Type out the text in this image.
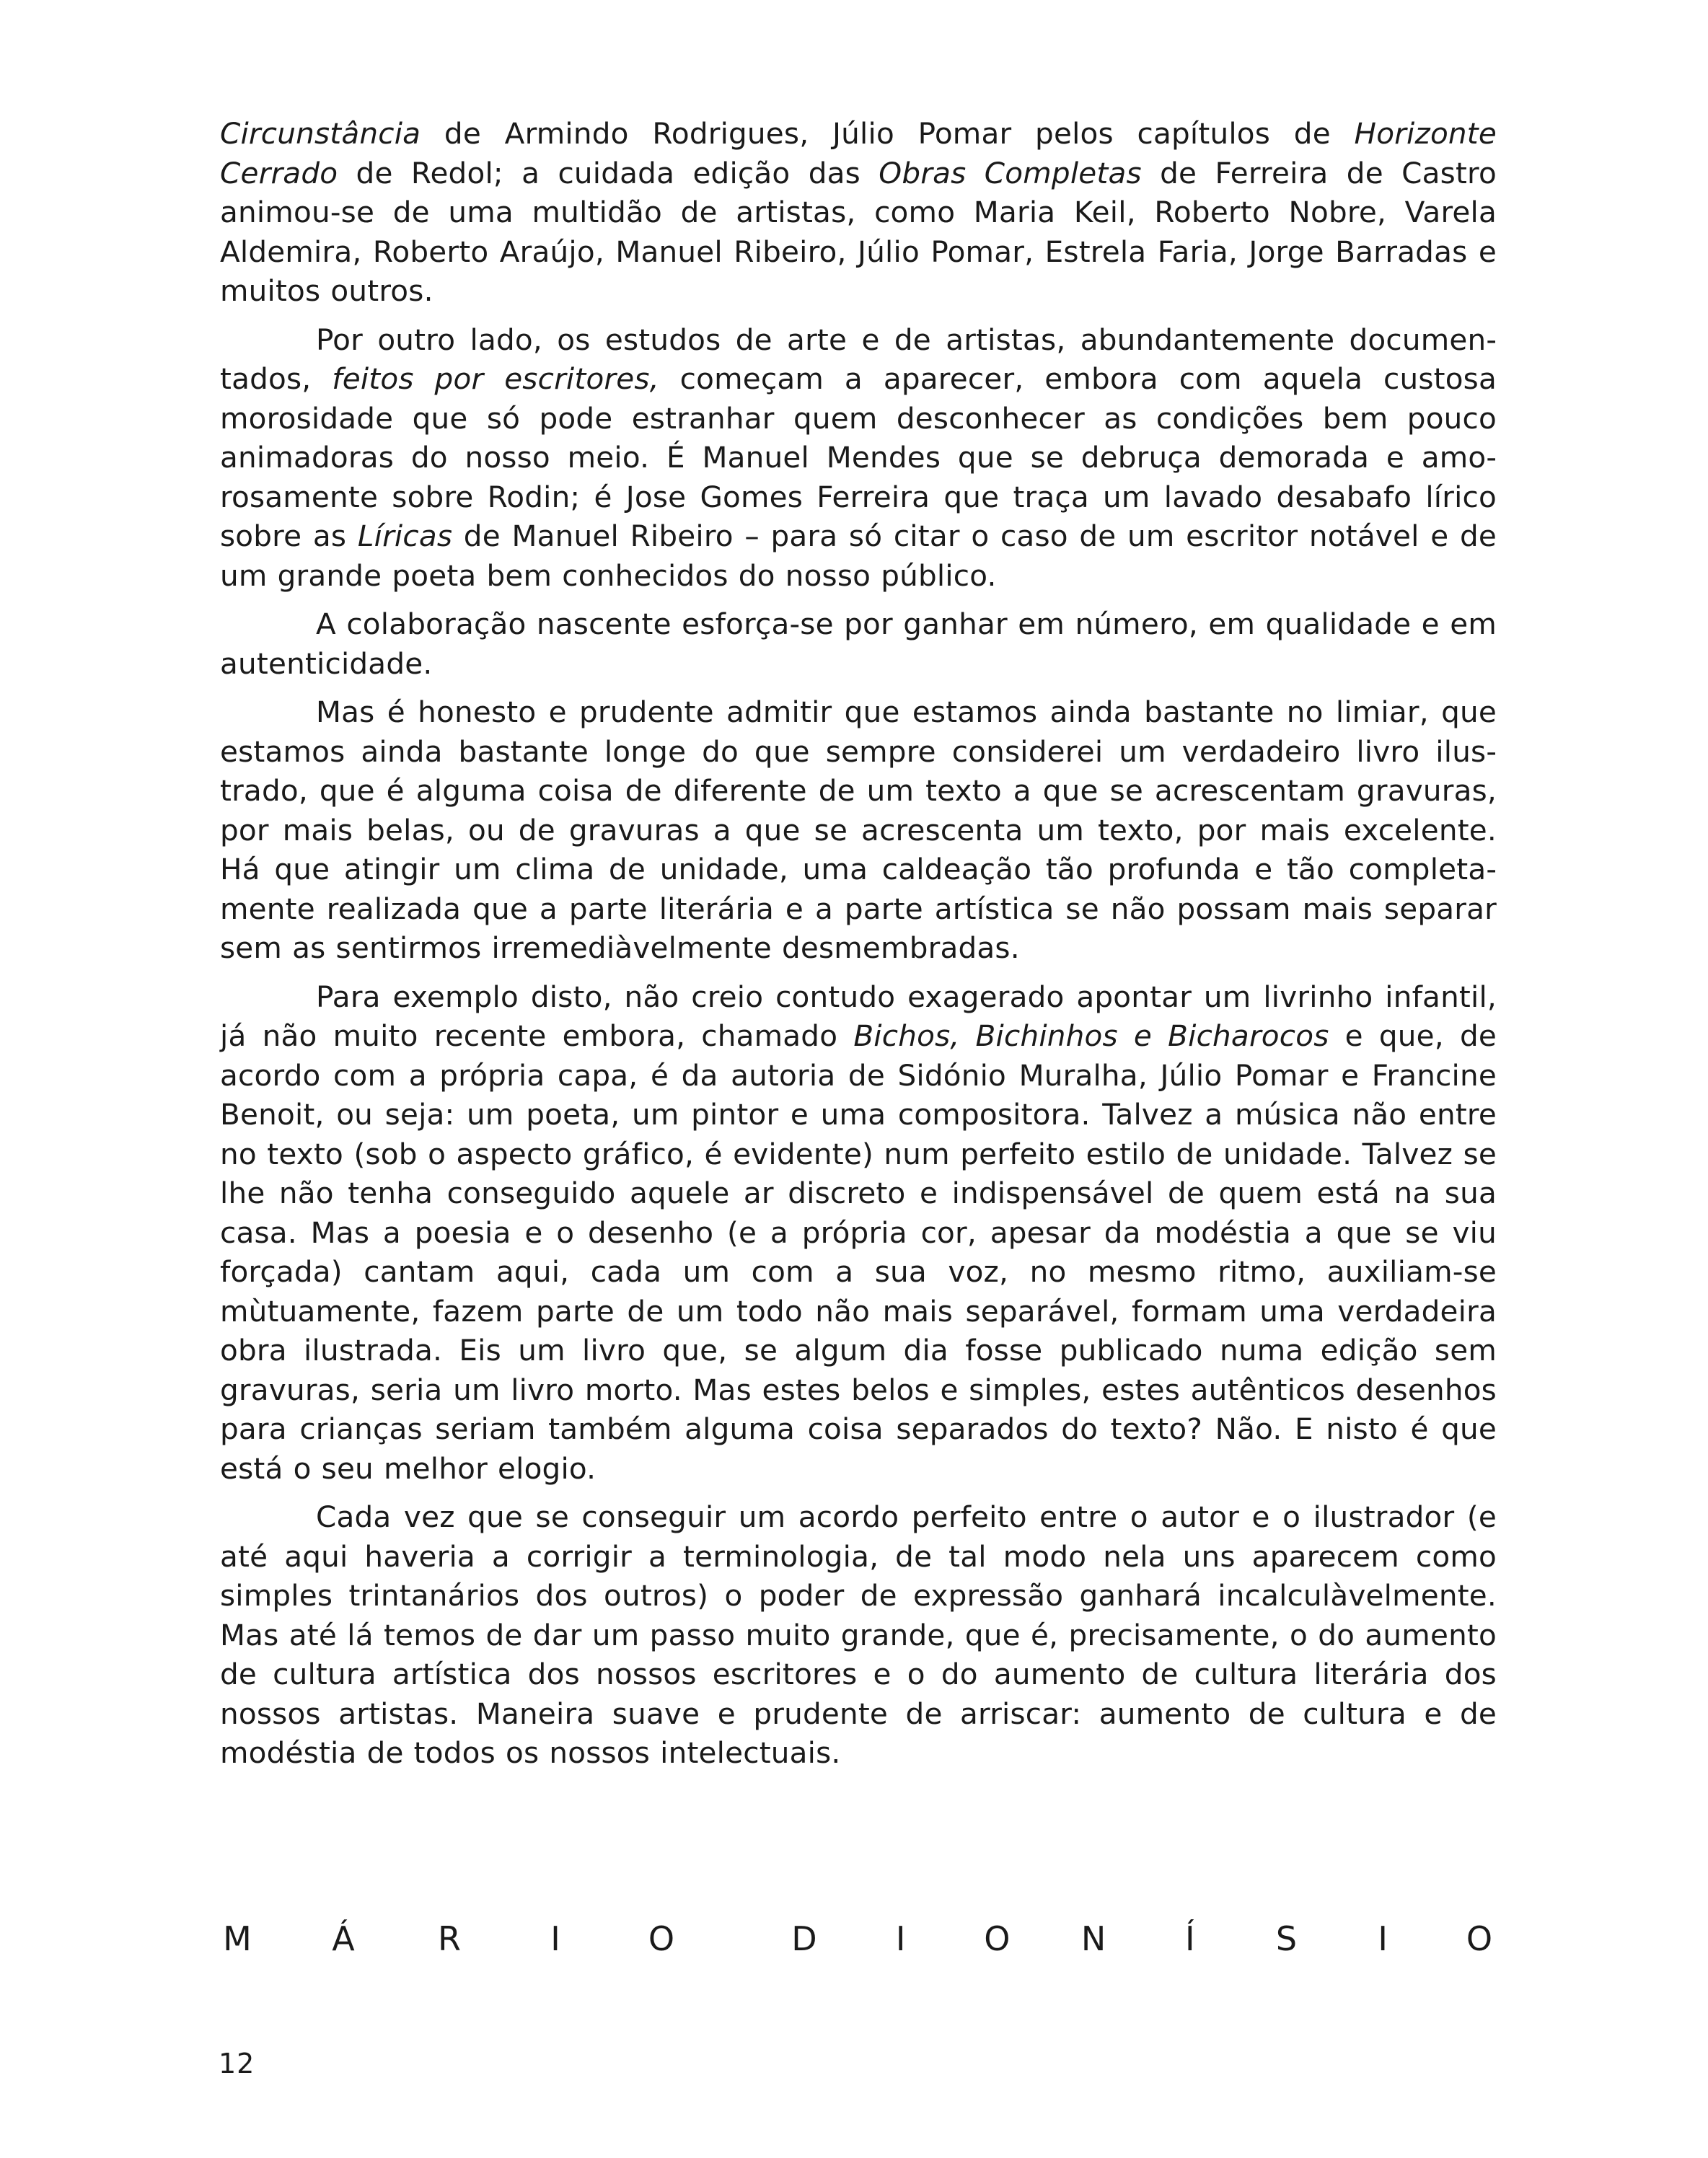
Circunstância de Armindo Rodrigues, Júlio Pomar pelos capítulos de Horizonte Cerrado de Redol; a cuidada edição das Obras Completas de Ferreira de Castro animou-se de uma multidão de artistas, como Maria Keil, Roberto Nobre, Varela Aldemira, Roberto Araújo, Manuel Ribeiro, Júlio Pomar, Estrela Faria, Jorge Barradas e muitos outros.

Por outro lado, os estudos de arte e de artistas, abundantemente documentados, feitos por escritores, começam a aparecer, embora com aquela custosa morosidade que só pode estranhar quem desconhecer as condições bem pouco animadoras do nosso meio. É Manuel Mendes que se debruça demorada e amorosamente sobre Rodin; é Jose Gomes Ferreira que traça um lavado desabafo lírico sobre as Líricas de Manuel Ribeiro – para só citar o caso de um escritor notável e de um grande poeta bem conhecidos do nosso público.

A colaboração nascente esforça-se por ganhar em número, em qualidade e em autenticidade.

Mas é honesto e prudente admitir que estamos ainda bastante no limiar, que estamos ainda bastante longe do que sempre considerei um verdadeiro livro ilustrado, que é alguma coisa de diferente de um texto a que se acrescentam gravuras, por mais belas, ou de gravuras a que se acrescenta um texto, por mais excelente. Há que atingir um clima de unidade, uma caldeação tão profunda e tão completamente realizada que a parte literária e a parte artística se não possam mais separar sem as sentirmos irremediàvelmente desmembradas.

Para exemplo disto, não creio contudo exagerado apontar um livrinho infantil, já não muito recente embora, chamado Bichos, Bichinhos e Bicharocos e que, de acordo com a própria capa, é da autoria de Sidónio Muralha, Júlio Pomar e Francine Benoit, ou seja: um poeta, um pintor e uma compositora. Talvez a música não entre no texto (sob o aspecto gráfico, é evidente) num perfeito estilo de unidade. Talvez se lhe não tenha conseguido aquele ar discreto e indispensável de quem está na sua casa. Mas a poesia e o desenho (e a própria cor, apesar da modéstia a que se viu forçada) cantam aqui, cada um com a sua voz, no mesmo ritmo, auxiliam-se mùtuamente, fazem parte de um todo não mais separável, formam uma verdadeira obra ilustrada. Eis um livro que, se algum dia fosse publicado numa edição sem gravuras, seria um livro morto. Mas estes belos e simples, estes autênticos desenhos para crianças seriam também alguma coisa separados do texto? Não. E nisto é que está o seu melhor elogio.

Cada vez que se conseguir um acordo perfeito entre o autor e o ilustrador (e até aqui haveria a corrigir a terminologia, de tal modo nela uns aparecem como simples trintanários dos outros) o poder de expressão ganhará incalculàvelmente. Mas até lá temos de dar um passo muito grande, que é, precisamente, o do aumento de cultura artística dos nossos escritores e o do aumento de cultura literária dos nossos artistas. Maneira suave e prudente de arriscar: aumento de cultura e de modéstia de todos os nossos intelectuais.

M Á	R	I	O	D	I	O N	Í	S	I	O
12
